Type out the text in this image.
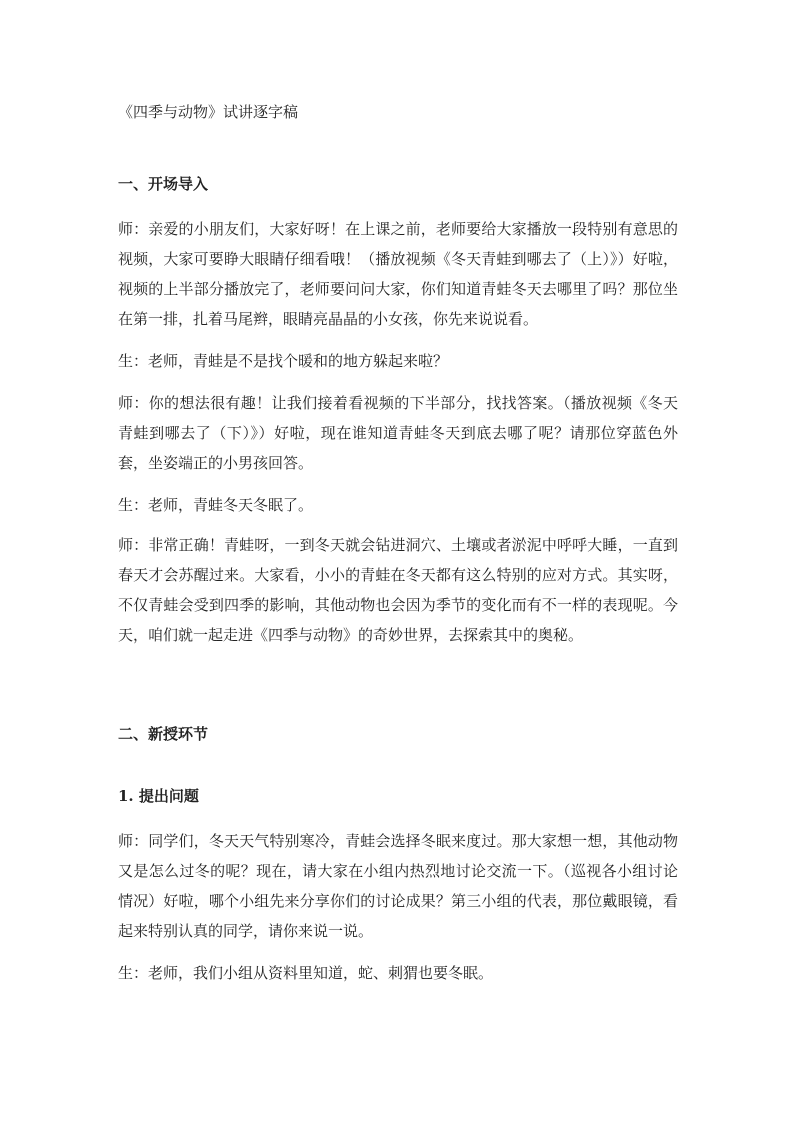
《四季与动物》试讲逐字稿
一、开场导入

师：亲爱的小朋友们，大家好呀！在上课之前，老师要给大家播放一段特别有意思的视频，大家可要睁大眼睛仔细看哦！（播放视频《冬天青蛙到哪去了（上）》）好啦，视频的上半部分播放完了，老师要问问大家，你们知道青蛙冬天去哪里了吗？那位坐在第一排，扎着马尾辫，眼睛亮晶晶的小女孩，你先来说说看。

生：老师，青蛙是不是找个暖和的地方躲起来啦？

师：你的想法很有趣！让我们接着看视频的下半部分，找找答案。（播放视频《冬天青蛙到哪去了（下）》）好啦，现在谁知道青蛙冬天到底去哪了呢？请那位穿蓝色外套，坐姿端正的小男孩回答。

生：老师，青蛙冬天冬眠了。

师：非常正确！青蛙呀，一到冬天就会钻进洞穴、土壤或者淤泥中呼呼大睡，一直到春天才会苏醒过来。大家看，小小的青蛙在冬天都有这么特别的应对方式。其实呀，不仅青蛙会受到四季的影响，其他动物也会因为季节的变化而有不一样的表现呢。今天，咱们就一起走进《四季与动物》的奇妙世界，去探索其中的奥秘。

二、新授环节
1. 提出问题

师：同学们，冬天天气特别寒冷，青蛙会选择冬眠来度过。那大家想一想，其他动物又是怎么过冬的呢？现在，请大家在小组内热烈地讨论交流一下。（巡视各小组讨论情况）好啦，哪个小组先来分享你们的讨论成果？第三小组的代表，那位戴眼镜，看起来特别认真的同学，请你来说一说。

生：老师，我们小组从资料里知道，蛇、刺猬也要冬眠。
